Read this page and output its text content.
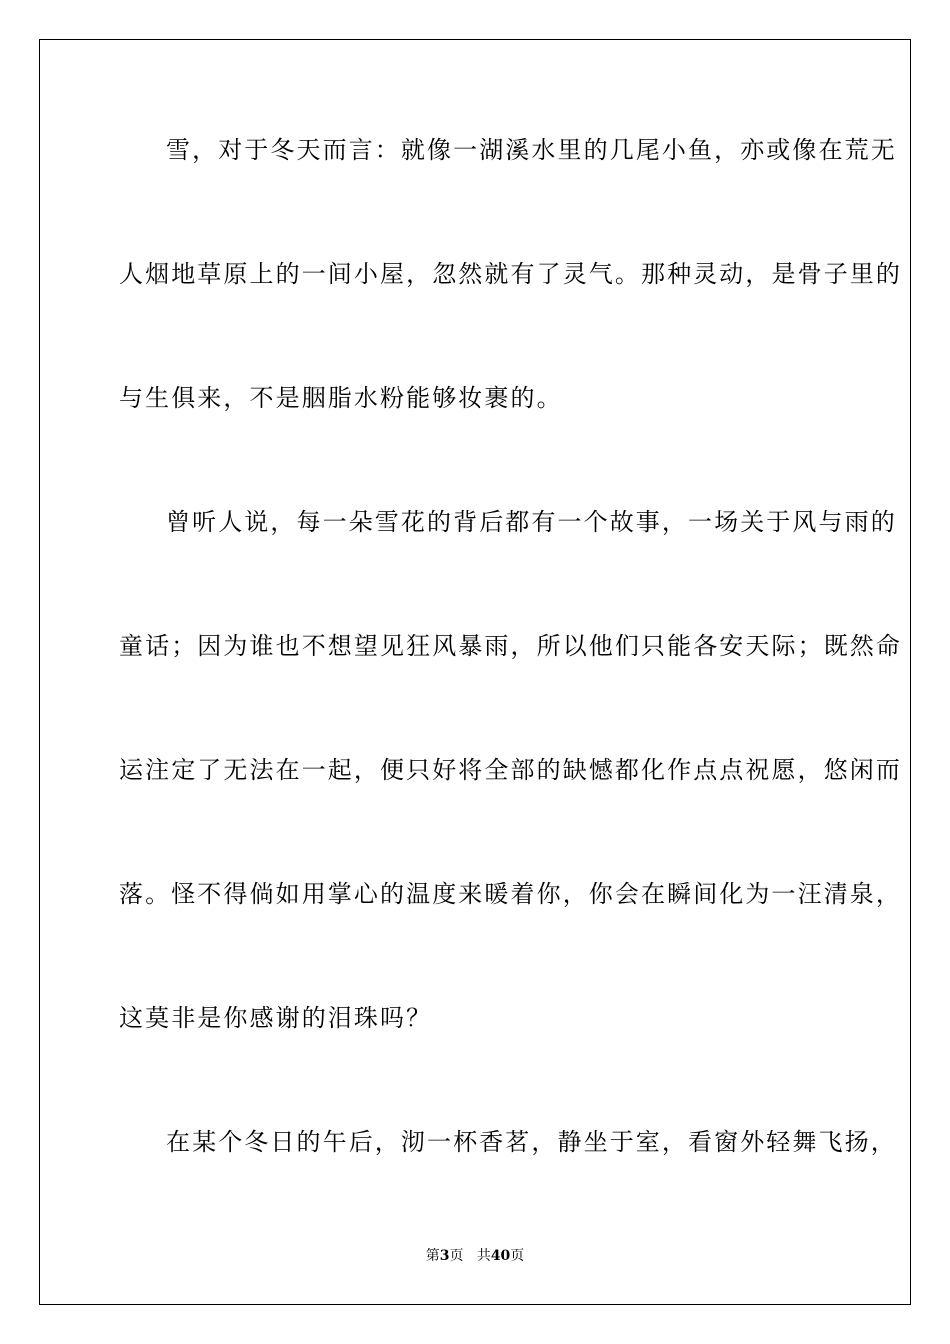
雪，对于冬天而言：就像一湖溪水里的几尾小鱼，亦或像在荒无
人烟地草原上的一间小屋，忽然就有了灵气。那种灵动，是骨子里的
与生俱来，不是胭脂水粉能够妆裹的。
曾听人说，每一朵雪花的背后都有一个故事，一场关于风与雨的
童话；因为谁也不想望见狂风暴雨，所以他们只能各安天际；既然命
运注定了无法在一起，便只好将全部的缺憾都化作点点祝愿，悠闲而
落。怪不得倘如用掌心的温度来暖着你，你会在瞬间化为一汪清泉，
这莫非是你感谢的泪珠吗？
在某个冬日的午后，沏一杯香茗，静坐于室，看窗外轻舞飞扬，
第3页 共40页
